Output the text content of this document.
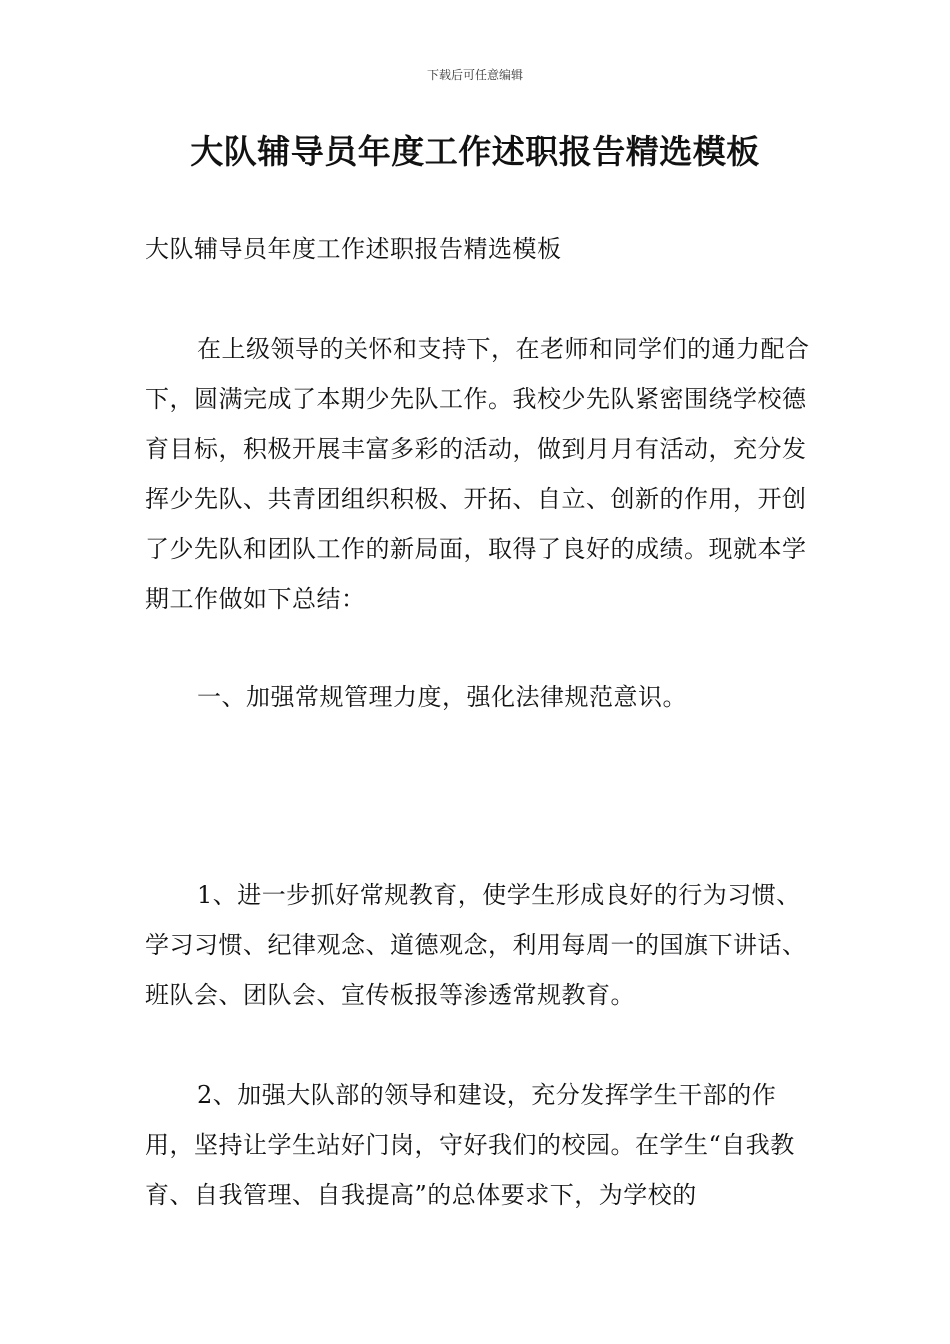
下载后可任意编辑
大队辅导员年度工作述职报告精选模板

大队辅导员年度工作述职报告精选模板

在上级领导的关怀和支持下，在老师和同学们的通力配合下，圆满完成了本期少先队工作。我校少先队紧密围绕学校德育目标，积极开展丰富多彩的活动，做到月月有活动，充分发挥少先队、共青团组织积极、开拓、自立、创新的作用，开创了少先队和团队工作的新局面，取得了良好的成绩。现就本学期工作做如下总结：

一、加强常规管理力度，强化法律规范意识。

1、进一步抓好常规教育，使学生形成良好的行为习惯、学习习惯、纪律观念、道德观念，利用每周一的国旗下讲话、班队会、团队会、宣传板报等渗透常规教育。

2、加强大队部的领导和建设，充分发挥学生干部的作用，坚持让学生站好门岗，守好我们的校园。在学生“自我教育、自我管理、自我提高”的总体要求下，为学校的
